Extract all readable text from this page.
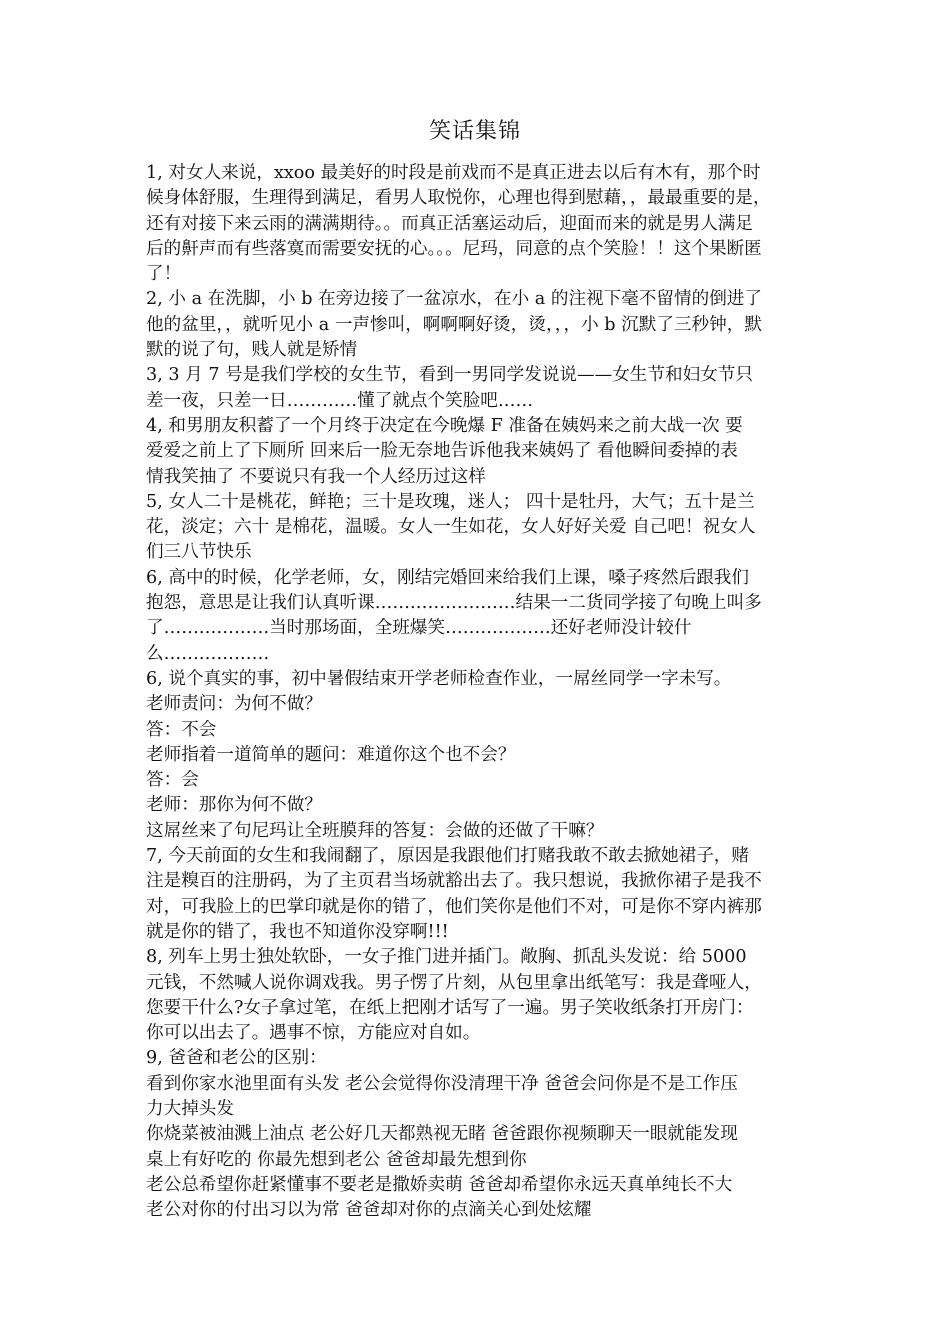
笑话集锦
1, 对女人来说，xxoo 最美好的时段是前戏而不是真正进去以后有木有，那个时
候身体舒服，生理得到满足，看男人取悦你，心理也得到慰藉，，最最重要的是，
还有对接下来云雨的满满期待。。而真正活塞运动后，迎面而来的就是男人满足
后的鼾声而有些落寞而需要安抚的心。。。尼玛，同意的点个笑脸！！这个果断匿
了！
2, 小 a 在洗脚，小 b 在旁边接了一盆凉水，在小 a 的注视下毫不留情的倒进了
他的盆里，，就听见小 a 一声惨叫，啊啊啊好烫，烫，，，小 b 沉默了三秒钟，默
默的说了句，贱人就是矫情
3, 3 月 7 号是我们学校的女生节，看到一男同学发说说——女生节和妇女节只
差一夜，只差一日…………懂了就点个笑脸吧……
4, 和男朋友积蓄了一个月终于决定在今晚爆 F 准备在姨妈来之前大战一次 要
爱爱之前上了下厕所 回来后一脸无奈地告诉他我来姨妈了 看他瞬间委掉的表
情我笑抽了 不要说只有我一个人经历过这样
5, 女人二十是桃花，鲜艳；三十是玫瑰，迷人； 四十是牡丹，大气；五十是兰
花，淡定；六十 是棉花，温暖。女人一生如花，女人好好关爱 自己吧！祝女人
们三八节快乐
6, 高中的时候，化学老师，女，刚结完婚回来给我们上课，嗓子疼然后跟我们
抱怨，意思是让我们认真听课……………………结果一二货同学接了句晚上叫多
了………………当时那场面，全班爆笑………………还好老师没计较什
么………………
6, 说个真实的事，初中暑假结束开学老师检查作业，一屌丝同学一字未写。
老师责问：为何不做？
答：不会
老师指着一道简单的题问：难道你这个也不会？
答：会
老师：那你为何不做？
这屌丝来了句尼玛让全班膜拜的答复：会做的还做了干嘛？
7, 今天前面的女生和我闹翻了，原因是我跟他们打赌我敢不敢去掀她裙子，赌
注是糗百的注册码，为了主页君当场就豁出去了。我只想说，我掀你裙子是我不
对，可我脸上的巴掌印就是你的错了，他们笑你是他们不对，可是你不穿内裤那
就是你的错了，我也不知道你没穿啊!!!
8, 列车上男士独处软卧，一女子推门进并插门。敞胸、抓乱头发说：给 5000
元钱，不然喊人说你调戏我。男子愣了片刻，从包里拿出纸笔写：我是聋哑人，
您要干什么?女子拿过笔，在纸上把刚才话写了一遍。男子笑收纸条打开房门：
你可以出去了。遇事不惊，方能应对自如。
9, 爸爸和老公的区别：
看到你家水池里面有头发 老公会觉得你没清理干净 爸爸会问你是不是工作压
力大掉头发
你烧菜被油溅上油点 老公好几天都熟视无睹 爸爸跟你视频聊天一眼就能发现
桌上有好吃的 你最先想到老公 爸爸却最先想到你
老公总希望你赶紧懂事不要老是撒娇卖萌 爸爸却希望你永远天真单纯长不大
老公对你的付出习以为常 爸爸却对你的点滴关心到处炫耀
